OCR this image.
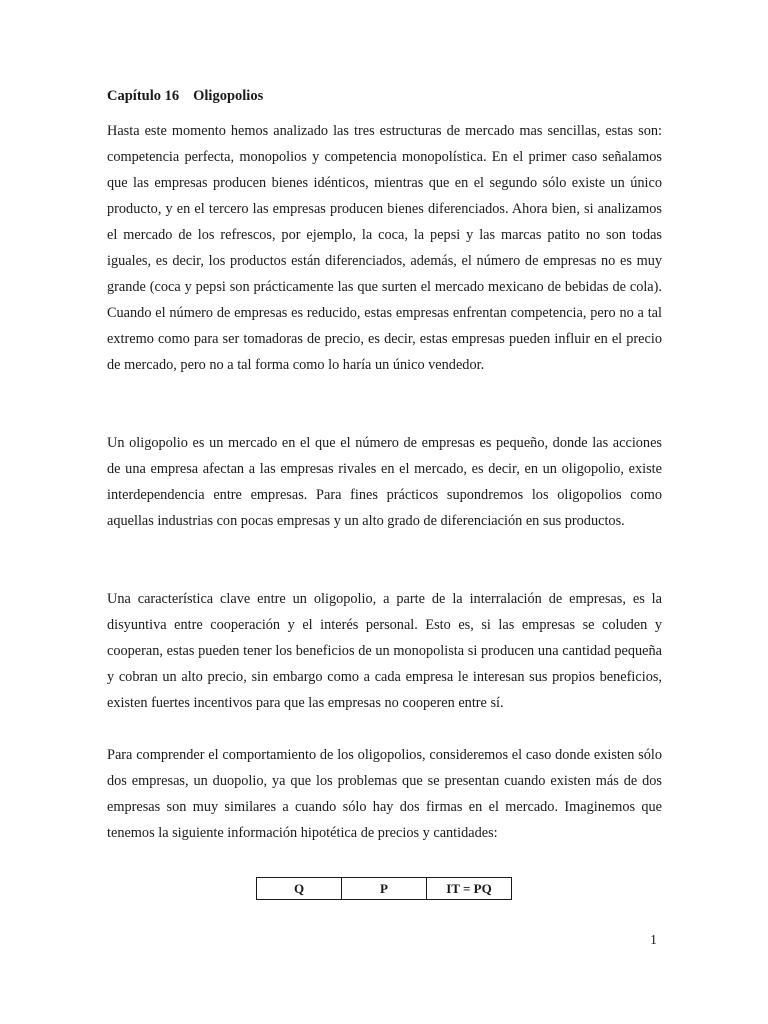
Capítulo 16 Oligopolios

Hasta este momento hemos analizado las tres estructuras de mercado mas sencillas, estas son: competencia perfecta, monopolios y competencia monopolística. En el primer caso señalamos que las empresas producen bienes idénticos, mientras que en el segundo sólo existe un único producto, y en el tercero las empresas producen bienes diferenciados. Ahora bien, si analizamos el mercado de los refrescos, por ejemplo, la coca, la pepsi y las marcas patito no son todas iguales, es decir, los productos están diferenciados, además, el número de empresas no es muy grande (coca y pepsi son prácticamente las que surten el mercado mexicano de bebidas de cola). Cuando el número de empresas es reducido, estas empresas enfrentan competencia, pero no a tal extremo como para ser tomadoras de precio, es decir, estas empresas pueden influir en el precio de mercado, pero no a tal forma como lo haría un único vendedor.

Un oligopolio es un mercado en el que el número de empresas es pequeño, donde las acciones de una empresa afectan a las empresas rivales en el mercado, es decir, en un oligopolio, existe interdependencia entre empresas. Para fines prácticos supondremos los oligopolios como aquellas industrias con pocas empresas y un alto grado de diferenciación en sus productos.

Una característica clave entre un oligopolio, a parte de la interralación de empresas, es la disyuntiva entre cooperación y el interés personal. Esto es, si las empresas se coluden y cooperan, estas pueden tener los beneficios de un monopolista si producen una cantidad pequeña y cobran un alto precio, sin embargo como a cada empresa le interesan sus propios beneficios, existen fuertes incentivos para que las empresas no cooperen entre sí.

Para comprender el comportamiento de los oligopolios, consideremos el caso donde existen sólo dos empresas, un duopolio, ya que los problemas que se presentan cuando existen más de dos empresas son muy similares a cuando sólo hay dos firmas en el mercado. Imaginemos que tenemos la siguiente información hipotética de precios y cantidades:

Q	P	IT = PQ
1
